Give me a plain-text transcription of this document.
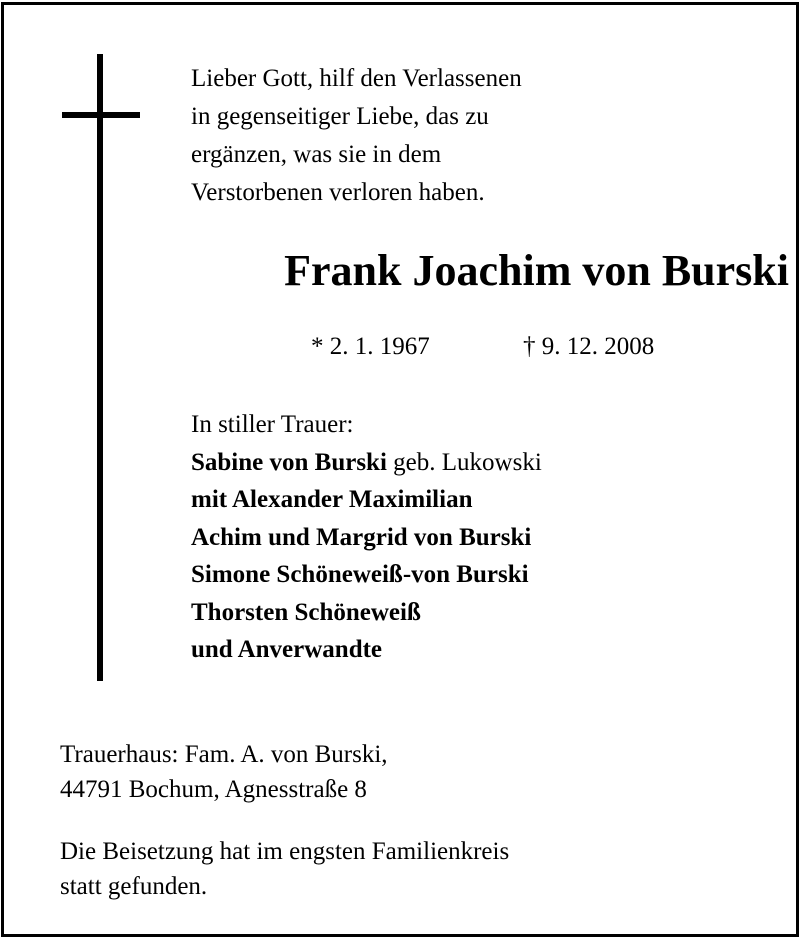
Lieber Gott, hilf den Verlassenen
in gegenseitiger Liebe, das zu
ergänzen, was sie in dem
Verstorbenen verloren haben.
Frank Joachim von Burski
* 2. 1. 1967	† 9. 12. 2008
In stiller Trauer:
Sabine von Burski geb. Lukowski
mit Alexander Maximilian
Achim und Margrid von Burski
Simone Schöneweiß-von Burski
Thorsten Schöneweiß
und Anverwandte
Trauerhaus: Fam. A. von Burski,
44791 Bochum, Agnesstraße 8
Die Beisetzung hat im engsten Familienkreis
statt gefunden.
